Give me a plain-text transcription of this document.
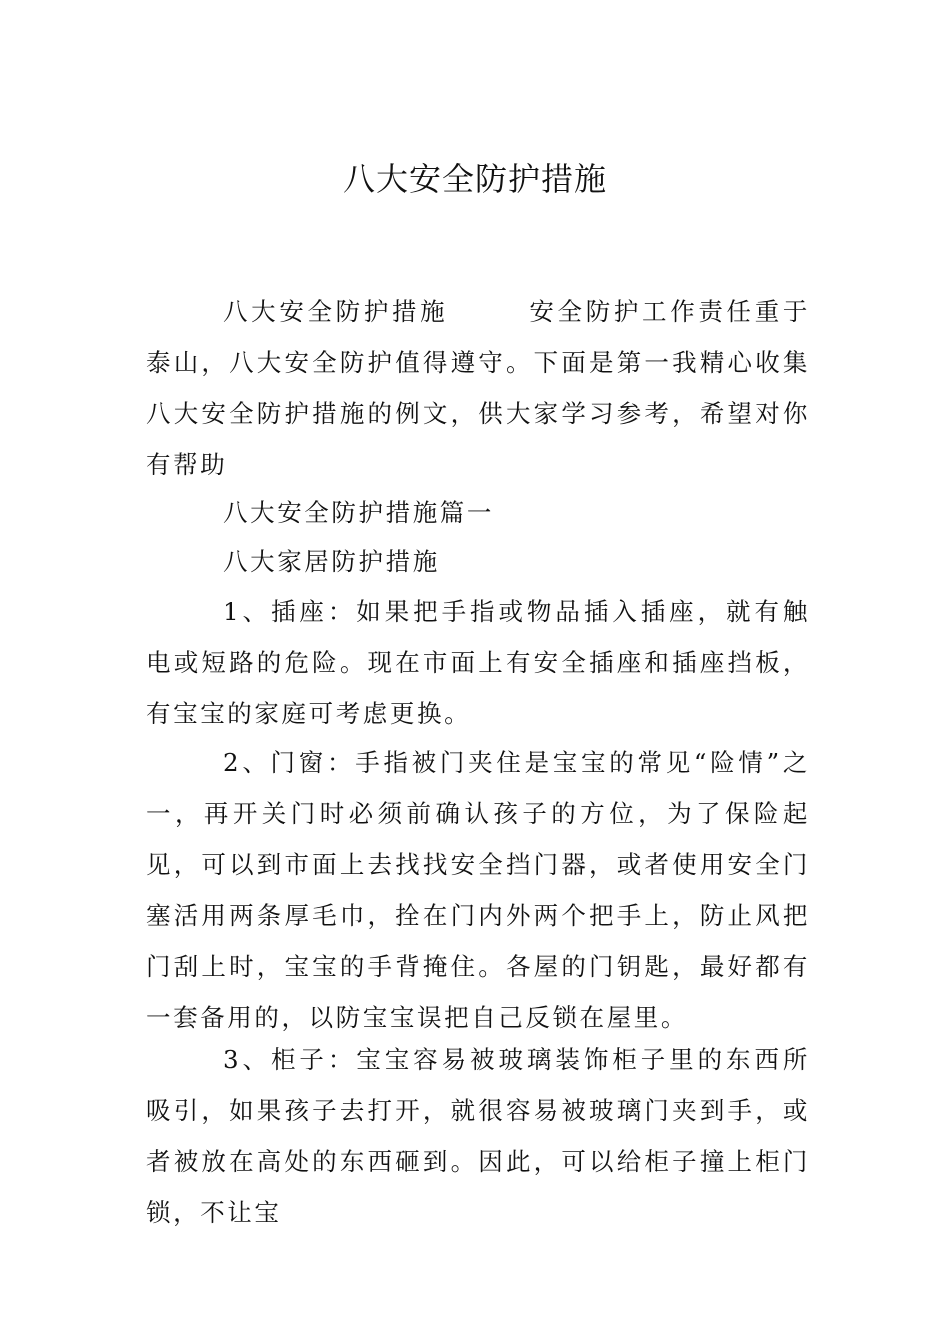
八大安全防护措施

八大安全防护措施	安全防护工作责任重于泰山，八大安全防护值得遵守。下面是第一我精心收集八大安全防护措施的例文，供大家学习参考，希望对你有帮助

八大安全防护措施篇一

八大家居防护措施

1、插座：如果把手指或物品插入插座，就有触电或短路的危险。现在市面上有安全插座和插座挡板，有宝宝的家庭可考虑更换。

2、门窗：手指被门夹住是宝宝的常见“险情”之一，再开关门时必须前确认孩子的方位，为了保险起见，可以到市面上去找找安全挡门器，或者使用安全门塞活用两条厚毛巾，拴在门内外两个把手上，防止风把门刮上时，宝宝的手背掩住。各屋的门钥匙，最好都有一套备用的，以防宝宝误把自己反锁在屋里。

3、柜子：宝宝容易被玻璃装饰柜子里的东西所吸引，如果孩子去打开，就很容易被玻璃门夹到手，或者被放在高处的东西砸到。因此，可以给柜子撞上柜门锁，不让宝
